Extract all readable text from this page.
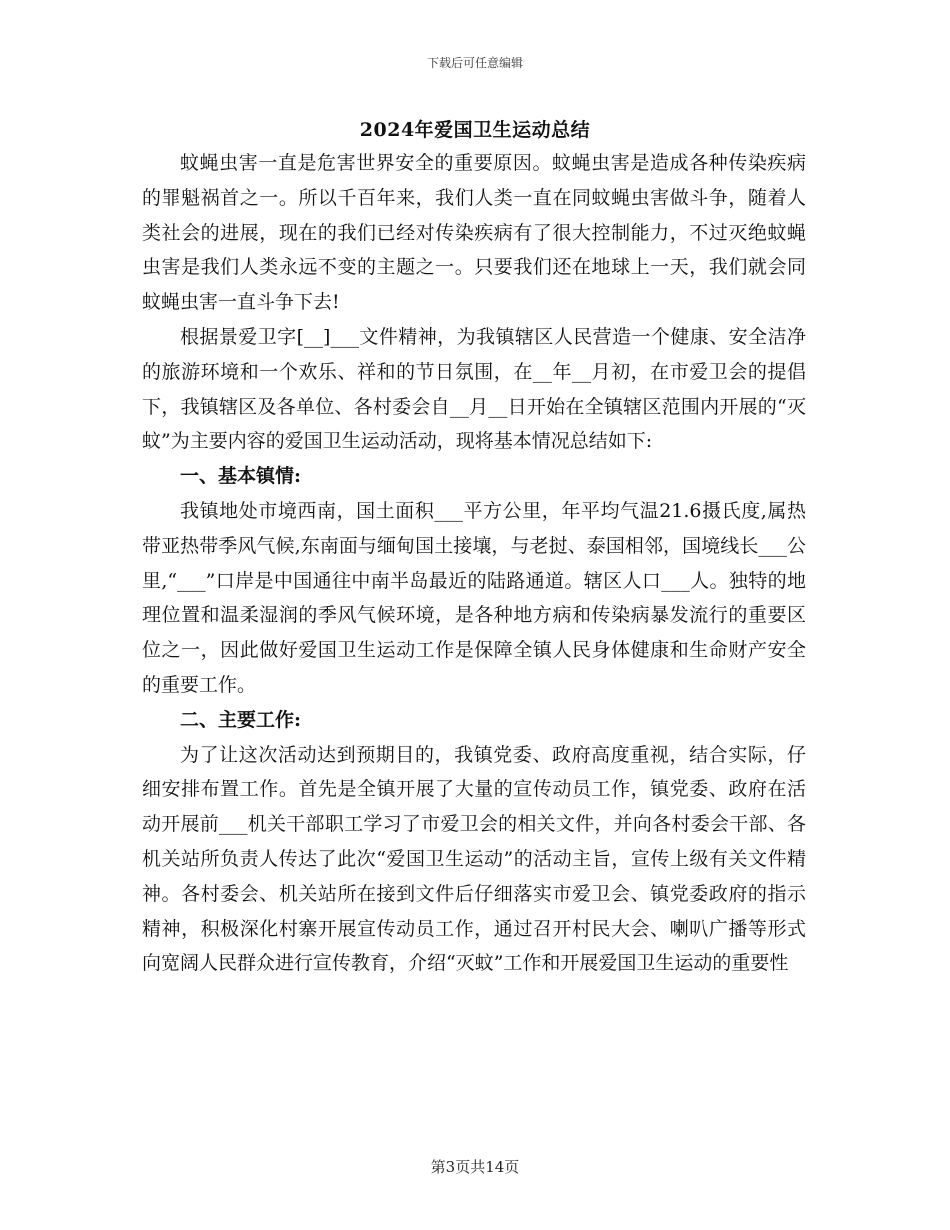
下载后可任意编辑
2024年爱国卫生运动总结

蚊蝇虫害一直是危害世界安全的重要原因。蚊蝇虫害是造成各种传染疾病的罪魁祸首之一。所以千百年来，我们人类一直在同蚊蝇虫害做斗争，随着人类社会的进展，现在的我们已经对传染疾病有了很大控制能力，不过灭绝蚊蝇虫害是我们人类永远不变的主题之一。只要我们还在地球上一天，我们就会同蚊蝇虫害一直斗争下去!

根据景爱卫字[__]___文件精神，为我镇辖区人民营造一个健康、安全洁净的旅游环境和一个欢乐、祥和的节日氛围，在__年__月初，在市爱卫会的提倡下，我镇辖区及各单位、各村委会自__月__日开始在全镇辖区范围内开展的“灭蚊”为主要内容的爱国卫生运动活动，现将基本情况总结如下:

一、基本镇情:

我镇地处市境西南，国土面积___平方公里，年平均气温21.6摄氏度,属热带亚热带季风气候,东南面与缅甸国土接壤，与老挝、泰国相邻，国境线长___公里,“___”口岸是中国通往中南半岛最近的陆路通道。辖区人口___人。独特的地理位置和温柔湿润的季风气候环境，是各种地方病和传染病暴发流行的重要区位之一，因此做好爱国卫生运动工作是保障全镇人民身体健康和生命财产安全的重要工作。

二、主要工作:

为了让这次活动达到预期目的，我镇党委、政府高度重视，结合实际，仔细安排布置工作。首先是全镇开展了大量的宣传动员工作，镇党委、政府在活动开展前___机关干部职工学习了市爱卫会的相关文件，并向各村委会干部、各机关站所负责人传达了此次“爱国卫生运动”的活动主旨，宣传上级有关文件精神。各村委会、机关站所在接到文件后仔细落实市爱卫会、镇党委政府的指示精神，积极深化村寨开展宣传动员工作，通过召开村民大会、喇叭广播等形式向宽阔人民群众进行宣传教育，介绍“灭蚊”工作和开展爱国卫生运动的重要性

第3页共14页
